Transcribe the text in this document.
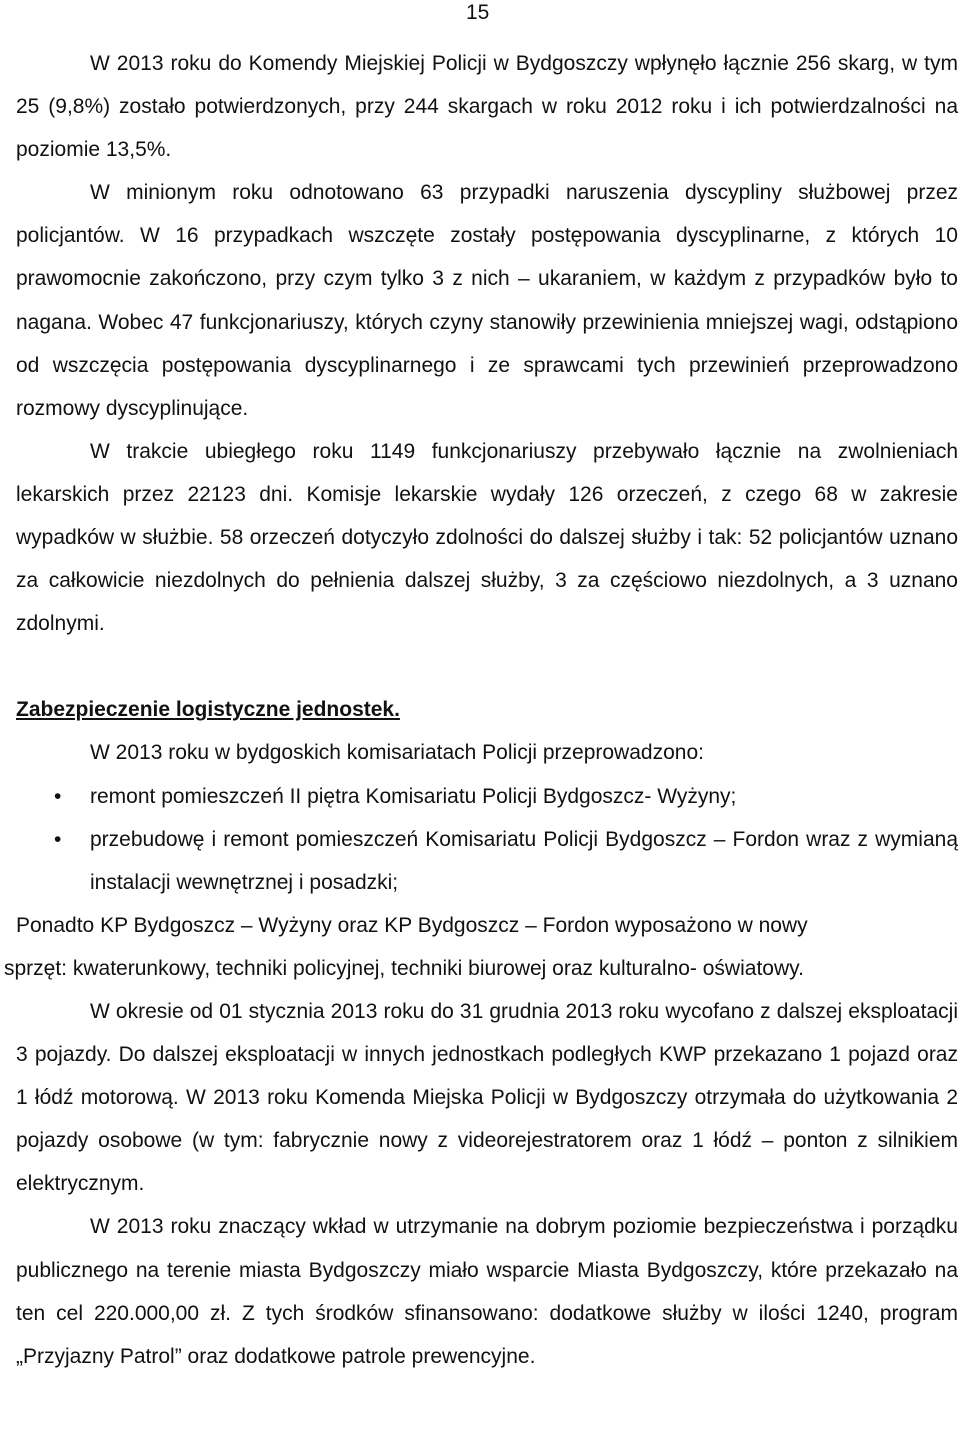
15

W 2013 roku do Komendy Miejskiej Policji w Bydgoszczy wpłynęło łącznie 256 skarg, w tym 25 (9,8%) zostało potwierdzonych, przy 244 skargach w roku 2012 roku i ich potwierdzalności na poziomie 13,5%.

W minionym roku odnotowano 63 przypadki naruszenia dyscypliny służbowej przez policjantów. W 16 przypadkach wszczęte zostały postępowania dyscyplinarne, z których 10 prawomocnie zakończono, przy czym tylko 3 z nich – ukaraniem, w każdym z przypadków było to nagana. Wobec 47 funkcjonariuszy, których czyny stanowiły przewinienia mniejszej wagi, odstąpiono od wszczęcia postępowania dyscyplinarnego i ze sprawcami tych przewinień przeprowadzono rozmowy dyscyplinujące.

W trakcie ubiegłego roku 1149 funkcjonariuszy przebywało łącznie na zwolnieniach lekarskich przez 22123 dni. Komisje lekarskie wydały 126 orzeczeń, z czego 68 w zakresie wypadków w służbie. 58 orzeczeń dotyczyło zdolności do dalszej służby i tak: 52 policjantów uznano za całkowicie niezdolnych do pełnienia dalszej służby, 3 za częściowo niezdolnych, a 3 uznano zdolnymi.

Zabezpieczenie logistyczne jednostek.

W 2013 roku w bydgoskich komisariatach Policji przeprowadzono:

• remont pomieszczeń II piętra Komisariatu Policji Bydgoszcz- Wyżyny;
• przebudowę i remont pomieszczeń Komisariatu Policji Bydgoszcz – Fordon wraz z wymianą instalacji wewnętrznej i posadzki;

Ponadto KP Bydgoszcz – Wyżyny oraz KP Bydgoszcz – Fordon wyposażono w nowy

sprzęt: kwaterunkowy, techniki policyjnej, techniki biurowej oraz kulturalno- oświatowy.

W okresie od 01 stycznia 2013 roku do 31 grudnia 2013 roku wycofano z dalszej eksploatacji 3 pojazdy. Do dalszej eksploatacji w innych jednostkach podległych KWP przekazano 1 pojazd oraz 1 łódź motorową. W 2013 roku Komenda Miejska Policji w Bydgoszczy otrzymała do użytkowania 2 pojazdy osobowe (w tym: fabrycznie nowy z videorejestratorem oraz 1 łódź – ponton z silnikiem elektrycznym.

W 2013 roku znaczący wkład w utrzymanie na dobrym poziomie bezpieczeństwa i porządku publicznego na terenie miasta Bydgoszczy miało wsparcie Miasta Bydgoszczy, które przekazało na ten cel 220.000,00 zł. Z tych środków sfinansowano: dodatkowe służby w ilości 1240, program „Przyjazny Patrol” oraz dodatkowe patrole prewencyjne.
